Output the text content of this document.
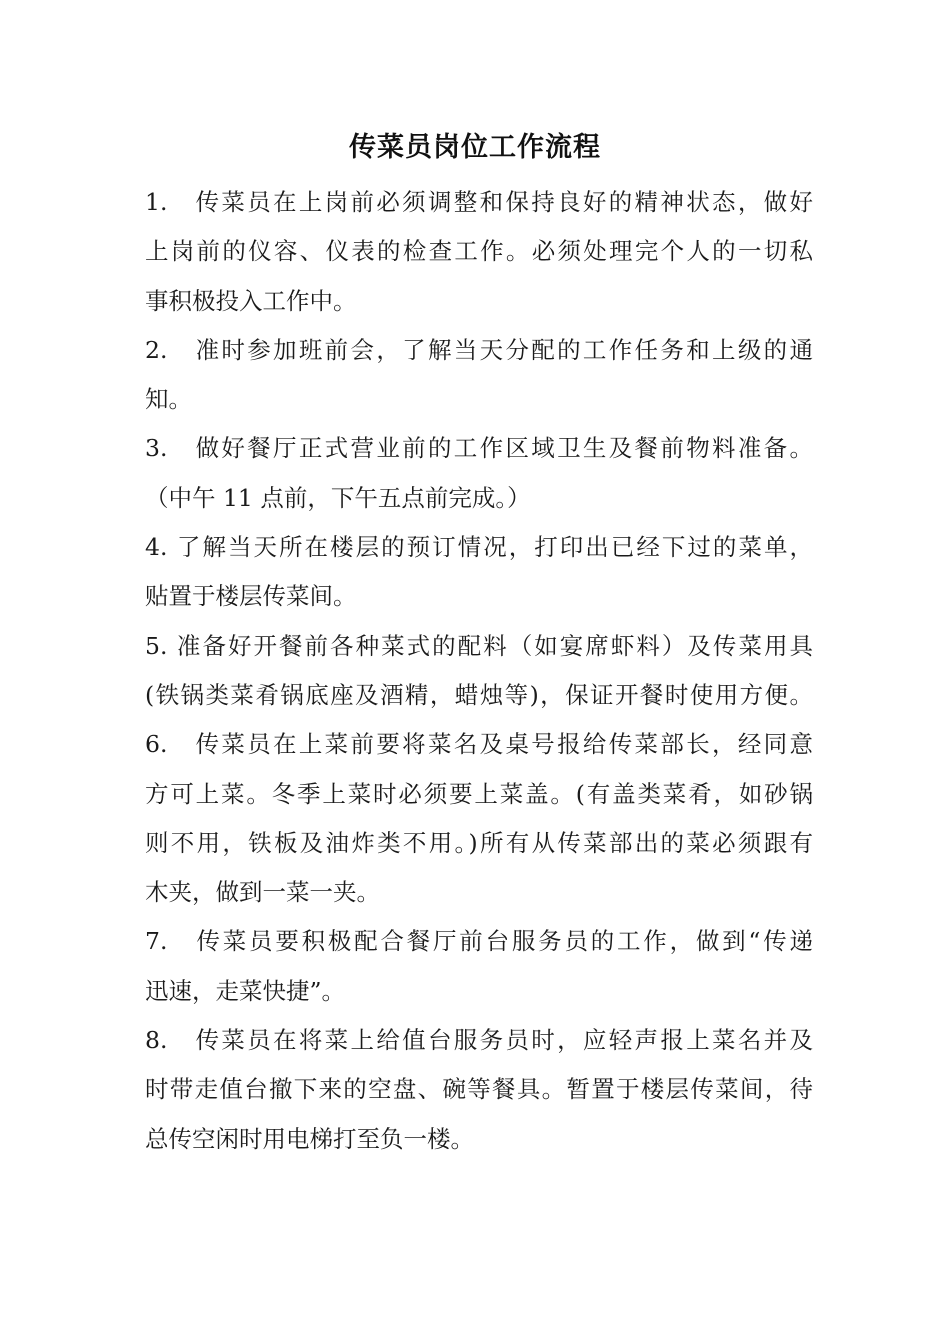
传菜员岗位工作流程
1.　传菜员在上岗前必须调整和保持良好的精神状态，做好
上岗前的仪容、仪表的检查工作。必须处理完个人的一切私
事积极投入工作中。
2.　准时参加班前会，了解当天分配的工作任务和上级的通
知。
3.　做好餐厅正式营业前的工作区域卫生及餐前物料准备。
（中午 11 点前，下午五点前完成。）
4. 了解当天所在楼层的预订情况，打印出已经下过的菜单，
贴置于楼层传菜间。
5. 准备好开餐前各种菜式的配料（如宴席虾料）及传菜用具
(铁锅类菜肴锅底座及酒精，蜡烛等)，保证开餐时使用方便。
6.　传菜员在上菜前要将菜名及桌号报给传菜部长，经同意
方可上菜。冬季上菜时必须要上菜盖。(有盖类菜肴，如砂锅
则不用，铁板及油炸类不用。)所有从传菜部出的菜必须跟有
木夹，做到一菜一夹。
7.　传菜员要积极配合餐厅前台服务员的工作，做到“传递
迅速，走菜快捷”。
8.　传菜员在将菜上给值台服务员时，应轻声报上菜名并及
时带走值台撤下来的空盘、碗等餐具。暂置于楼层传菜间，待
总传空闲时用电梯打至负一楼。
